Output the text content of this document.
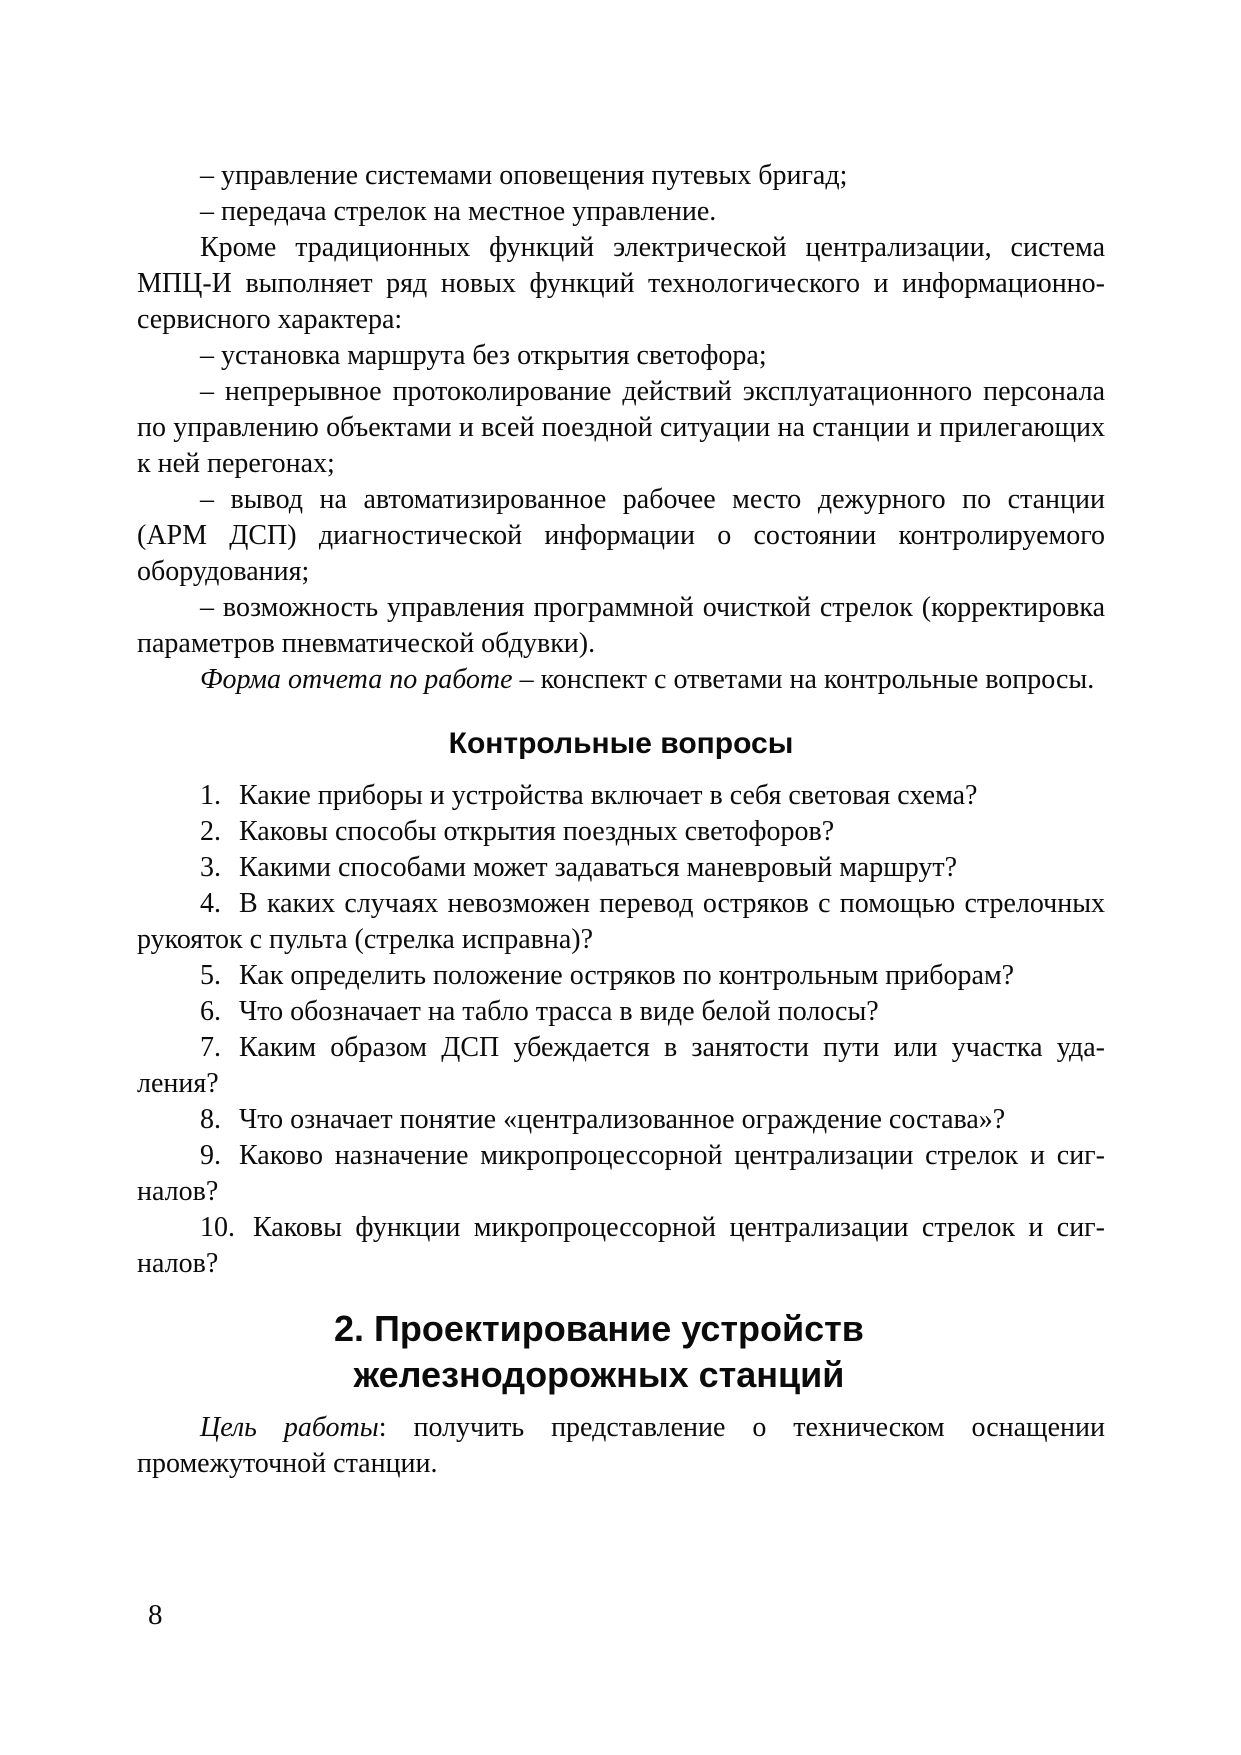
– управление системами оповещения путевых бригад;

– передача стрелок на местное управление.

Кроме традиционных функций электрической централизации, система МПЦ-И выполняет ряд новых функций технологического и информационно-сервисного характера:

– установка маршрута без открытия светофора;

– непрерывное протоколирование действий эксплуатационного персонала по управлению объектами и всей поездной ситуации на станции и прилегающих к ней перегонах;

– вывод на автоматизированное рабочее место дежурного по станции (АРМ ДСП) диагностической информации о состоянии контролируемого оборудования;

– возможность управления программной очисткой стрелок (корректировка параметров пневматической обдувки).

Форма отчета по работе – конспект с ответами на контрольные вопросы.

Контрольные вопросы

1. Какие приборы и устройства включает в себя световая схема?

2. Каковы способы открытия поездных светофоров?

3. Какими способами может задаваться маневровый маршрут?

4. В каких случаях невозможен перевод остряков с помощью стрелочных рукояток с пульта (стрелка исправна)?

5. Как определить положение остряков по контрольным приборам?

6. Что обозначает на табло трасса в виде белой полосы?

7. Каким образом ДСП убеждается в занятости пути или участка удаления?

8. Что означает понятие «централизованное ограждение состава»?

9. Каково назначение микропроцессорной централизации стрелок и сигналов?

10. Каковы функции микропроцессорной централизации стрелок и сигналов?

2. Проектирование устройств
железнодорожных станций

Цель работы: получить представление о техническом оснащении промежуточной станции.

8
